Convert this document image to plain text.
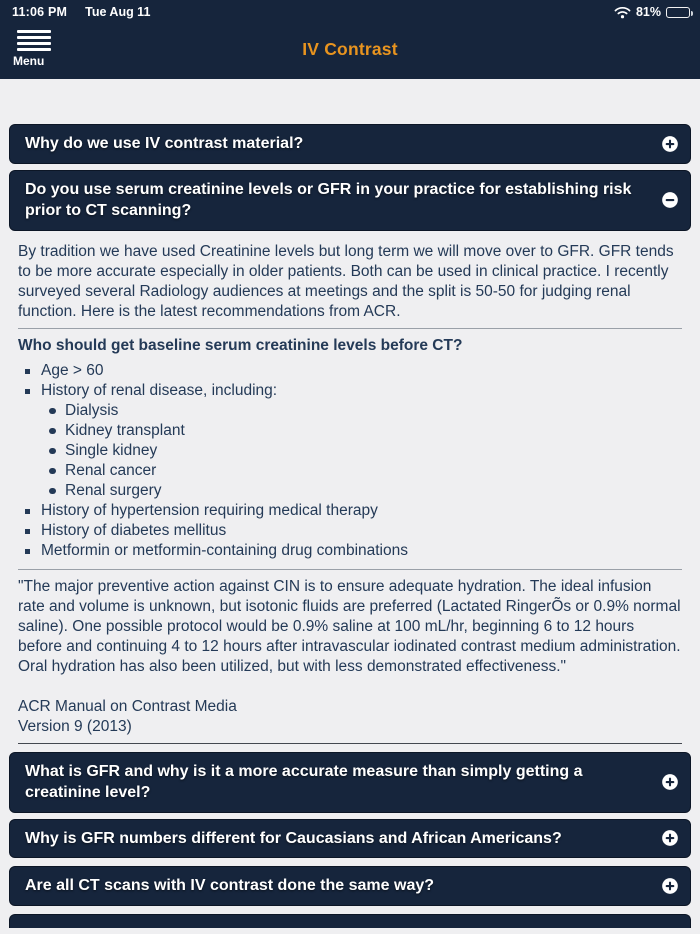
11:06 PM Tue Aug 11	81%
Menu
IV Contrast
Why do we use IV contrast material?
Do you use serum creatinine levels or GFR in your practice for establishing risk prior to CT scanning?

By tradition we have used Creatinine levels but long term we will move over to GFR. GFR tends to be more accurate especially in older patients. Both can be used in clinical practice. I recently surveyed several Radiology audiences at meetings and the split is 50-50 for judging renal function. Here is the latest recommendations from ACR.

Who should get baseline serum creatinine levels before CT?
Age > 60
History of renal disease, including:
Dialysis
Kidney transplant
Single kidney
Renal cancer
Renal surgery
History of hypertension requiring medical therapy
History of diabetes mellitus
Metformin or metformin-containing drug combinations

"The major preventive action against CIN is to ensure adequate hydration. The ideal infusion rate and volume is unknown, but isotonic fluids are preferred (Lactated RingerÕs or 0.9% normal saline). One possible protocol would be 0.9% saline at 100 mL/hr, beginning 6 to 12 hours before and continuing 4 to 12 hours after intravascular iodinated contrast medium administration. Oral hydration has also been utilized, but with less demonstrated effectiveness."

ACR Manual on Contrast Media
Version 9 (2013)
What is GFR and why is it a more accurate measure than simply getting a creatinine level?
Why is GFR numbers different for Caucasians and African Americans?
Are all CT scans with IV contrast done the same way?
